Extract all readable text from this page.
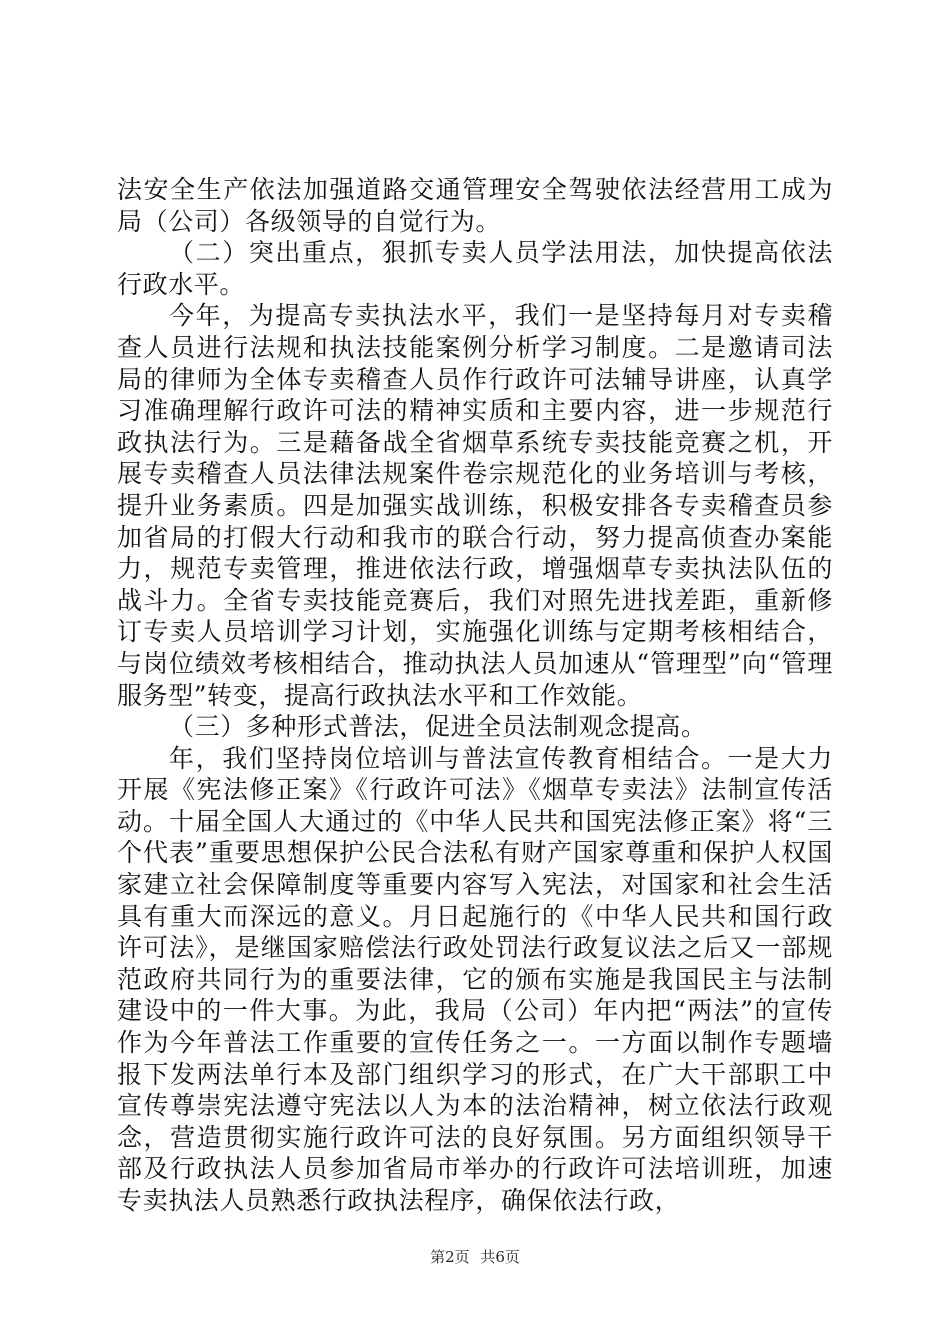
法安全生产依法加强道路交通管理安全驾驶依法经营用工成为局（公司）各级领导的自觉行为。

（二）突出重点，狠抓专卖人员学法用法，加快提高依法行政水平。

今年，为提高专卖执法水平，我们一是坚持每月对专卖稽查人员进行法规和执法技能案例分析学习制度。二是邀请司法局的律师为全体专卖稽查人员作行政许可法辅导讲座，认真学习准确理解行政许可法的精神实质和主要内容，进一步规范行政执法行为。三是藉备战全省烟草系统专卖技能竞赛之机，开展专卖稽查人员法律法规案件卷宗规范化的业务培训与考核，提升业务素质。四是加强实战训练，积极安排各专卖稽查员参加省局的打假大行动和我市的联合行动，努力提高侦查办案能力，规范专卖管理，推进依法行政，增强烟草专卖执法队伍的战斗力。全省专卖技能竞赛后，我们对照先进找差距，重新修订专卖人员培训学习计划，实施强化训练与定期考核相结合，与岗位绩效考核相结合，推动执法人员加速从“管理型”向“管理服务型”转变，提高行政执法水平和工作效能。

（三）多种形式普法，促进全员法制观念提高。

年，我们坚持岗位培训与普法宣传教育相结合。一是大力开展《宪法修正案》《行政许可法》《烟草专卖法》法制宣传活动。十届全国人大通过的《中华人民共和国宪法修正案》将“三个代表”重要思想保护公民合法私有财产国家尊重和保护人权国家建立社会保障制度等重要内容写入宪法，对国家和社会生活具有重大而深远的意义。月日起施行的《中华人民共和国行政许可法》，是继国家赔偿法行政处罚法行政复议法之后又一部规范政府共同行为的重要法律，它的颁布实施是我国民主与法制建设中的一件大事。为此，我局（公司）年内把“两法”的宣传作为今年普法工作重要的宣传任务之一。一方面以制作专题墙报下发两法单行本及部门组织学习的形式，在广大干部职工中宣传尊崇宪法遵守宪法以人为本的法治精神，树立依法行政观念，营造贯彻实施行政许可法的良好氛围。另方面组织领导干部及行政执法人员参加省局市举办的行政许可法培训班，加速专卖执法人员熟悉行政执法程序，确保依法行政，

第2页 共6页
